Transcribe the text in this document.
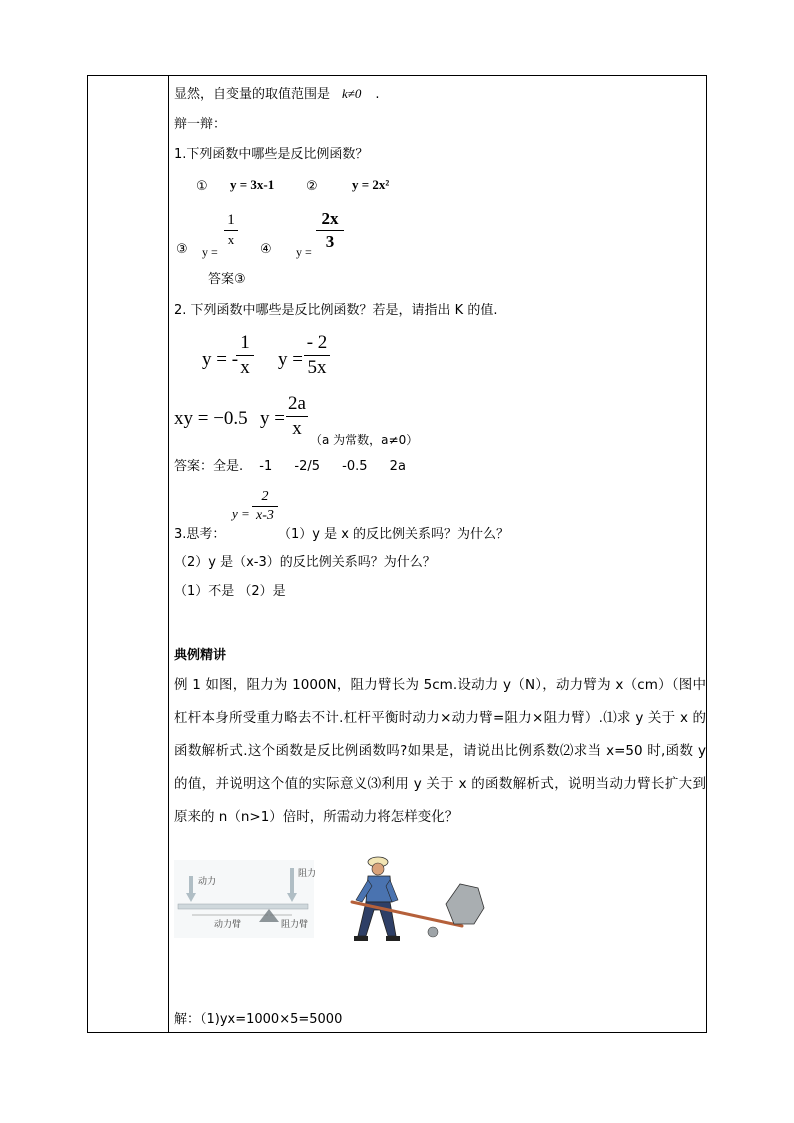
显然，自变量的取值范围是 k≠0 .
辩一辩：
1.下列函数中哪些是反比例函数？
① y = 3x-1 ②	y = 2x²
③ y =
1
x
④ y =
2x
3
答案③
2. 下列函数中哪些是反比例函数？若是，请指出 K 的值.
y = -
1
x y =
- 2
5x
xy = −0.5 y =
2a
x
（a 为常数，a≠0）
答案：全是. -1 -2/5 -0.5 2a
y =
2
x-3
3.思考：	（1）y 是 x 的反比例关系吗？为什么？
（2）y 是（x-3）的反比例关系吗？为什么？
（1）不是 （2）是
典例精讲
例 1 如图，阻力为 1000N，阻力臂长为 5cm.设动力 y（N），动力臂为 x（cm）（图中杠杆本身所受重力略去不计.杠杆平衡时动力×动力臂=阻力×阻力臂）.⑴求 y 关于 x 的函数解析式.这个函数是反比例函数吗?如果是，请说出比例系数⑵求当 x=50 时,函数 y 的值，并说明这个值的实际意义⑶利用 y 关于 x 的函数解析式，说明当动力臂长扩大到原来的 n（n>1）倍时，所需动力将怎样变化？
动力
阻力
动力臂	阻力臂
解：（1)yx=1000×5=5000
